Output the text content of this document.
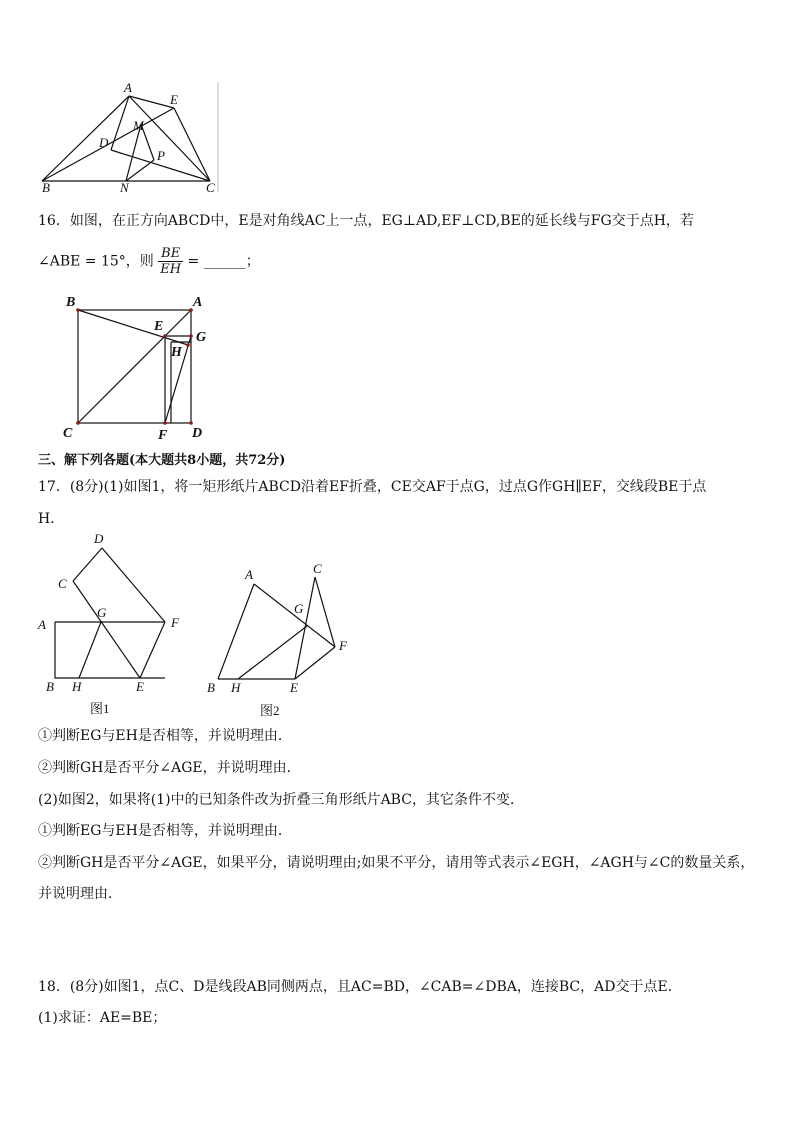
A
E
M
D
P
B	N	C
16．如图，在正方向ABCD中，E是对角线AC上一点，EG⊥AD,EF⊥CD,BE的延长线与FG交于点H，若
∠ABE = 15°，则 $\frac{BE}{EH}$ = ______；
B	A
E
G
H
C	F D
三、解下列各题(本大题共8小题，共72分)
17．(8分)(1)如图1，将一矩形纸片ABCD沿着EF折叠，CE交AF于点G，过点G作GH∥EF，交线段BE于点
H．
D
C
G
A	F
B H	E
图1
A	C
G
F
B H	E
图2
①判断EG与EH是否相等，并说明理由．
②判断GH是否平分∠AGE，并说明理由．
(2)如图2，如果将(1)中的已知条件改为折叠三角形纸片ABC，其它条件不变．
①判断EG与EH是否相等，并说明理由．
②判断GH是否平分∠AGE，如果平分，请说明理由;如果不平分，请用等式表示∠EGH，∠AGH与∠C的数量关系，
并说明理由．
18．(8分)如图1，点C、D是线段AB同侧两点，且AC=BD，∠CAB=∠DBA，连接BC，AD交于点E．
(1)求证：AE=BE；
